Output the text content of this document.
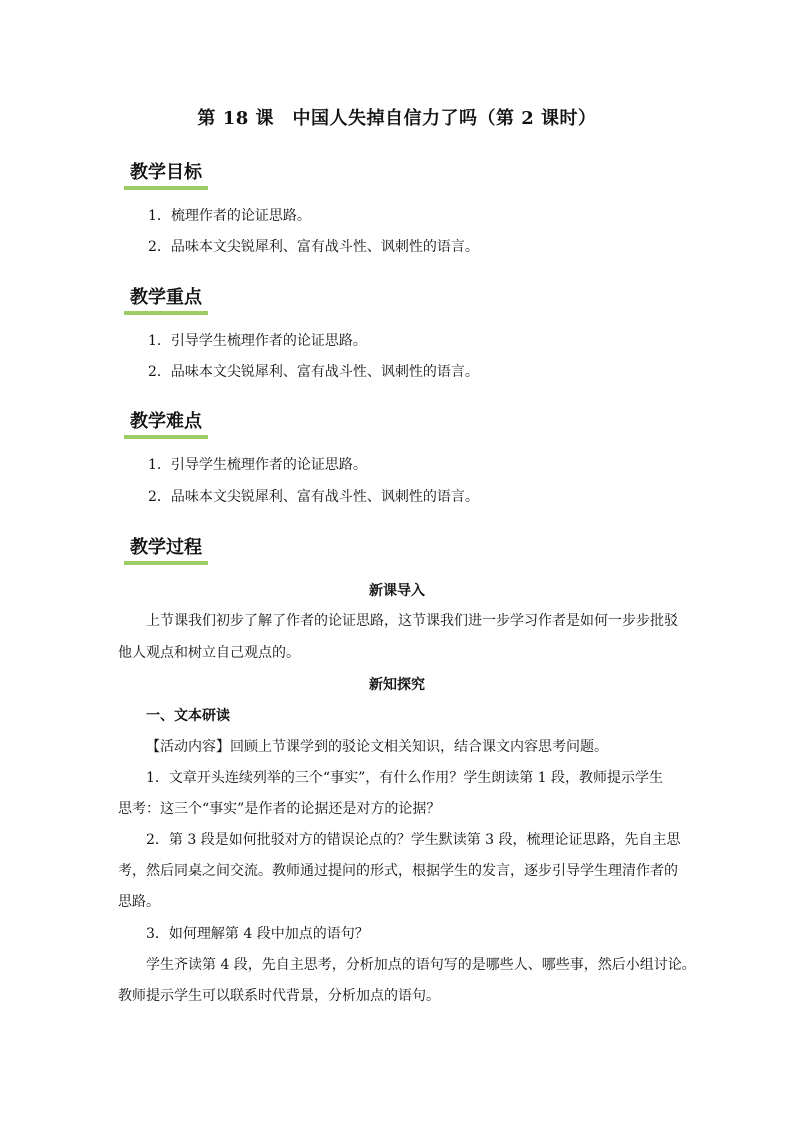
第 18 课　中国人失掉自信力了吗（第 2 课时）
教学目标
1．梳理作者的论证思路。
2．品味本文尖锐犀利、富有战斗性、讽刺性的语言。
教学重点
1．引导学生梳理作者的论证思路。
2．品味本文尖锐犀利、富有战斗性、讽刺性的语言。
教学难点
1．引导学生梳理作者的论证思路。
2．品味本文尖锐犀利、富有战斗性、讽刺性的语言。
教学过程
新课导入
上节课我们初步了解了作者的论证思路，这节课我们进一步学习作者是如何一步步批驳
他人观点和树立自己观点的。
新知探究
一、文本研读
【活动内容】回顾上节课学到的驳论文相关知识，结合课文内容思考问题。
1．文章开头连续列举的三个“事实”，有什么作用？学生朗读第 1 段，教师提示学生
思考：这三个“事实”是作者的论据还是对方的论据？
2．第 3 段是如何批驳对方的错误论点的？学生默读第 3 段，梳理论证思路，先自主思
考，然后同桌之间交流。教师通过提问的形式，根据学生的发言，逐步引导学生理清作者的
思路。
3．如何理解第 4 段中加点的语句？
学生齐读第 4 段，先自主思考，分析加点的语句写的是哪些人、哪些事，然后小组讨论。
教师提示学生可以联系时代背景，分析加点的语句。
